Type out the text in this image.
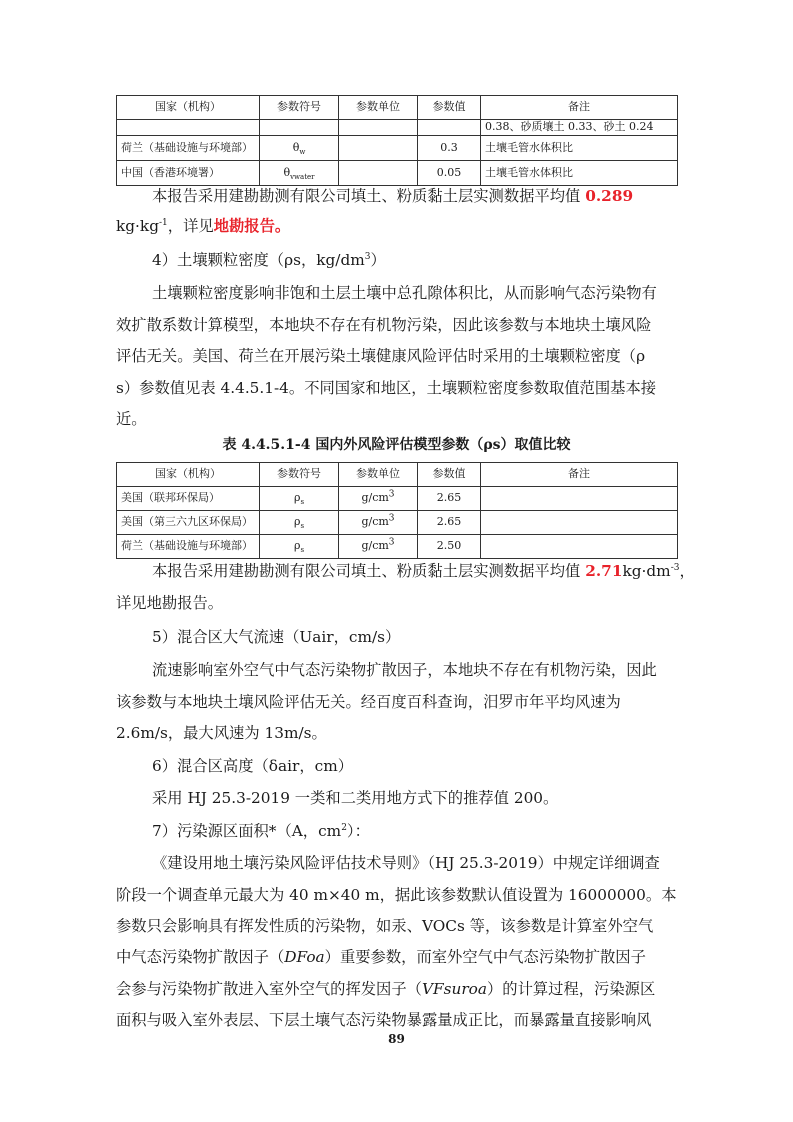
国家（机构）	参数符号	参数单位	参数值	备注
				0.38、砂质壤土 0.33、砂土 0.24
荷兰（基础设施与环境部）	$\theta_w$		0.3	土壤毛管水体积比
中国（香港环境署）	$\theta_{vwater}$		0.05	土壤毛管水体积比
本报告采用建勘勘测有限公司填土、粉质黏土层实测数据平均值 0.289
$kg\cdot kg^{-1}$，详见地勘报告。
4）土壤颗粒密度（ρs，$kg/dm^3$）
土壤颗粒密度影响非饱和土层土壤中总孔隙体积比，从而影响气态污染物有
效扩散系数计算模型，本地块不存在有机物污染，因此该参数与本地块土壤风险
评估无关。美国、荷兰在开展污染土壤健康风险评估时采用的土壤颗粒密度（ρ
s）参数值见表 4.4.5.1-4。不同国家和地区，土壤颗粒密度参数取值范围基本接
近。
表 4.4.5.1-4 国内外风险评估模型参数（ρs）取值比较
国家（机构）	参数符号	参数单位	参数值	备注
美国（联邦环保局）	$\rho_s$	$g/cm^3$	2.65	
美国（第三六九区环保局）	$\rho_s$	$g/cm^3$	2.65	
荷兰（基础设施与环境部）	$\rho_s$	$g/cm^3$	2.50	
本报告采用建勘勘测有限公司填土、粉质黏土层实测数据平均值 $2.71kg\cdot dm^{-3}$，
详见地勘报告。
5）混合区大气流速（Uair，cm/s）
流速影响室外空气中气态污染物扩散因子，本地块不存在有机物污染，因此
该参数与本地块土壤风险评估无关。经百度百科查询，汨罗市年平均风速为
2.6m/s，最大风速为 13m/s。
6）混合区高度（δair，cm）
采用 HJ 25.3-2019 一类和二类用地方式下的推荐值 200。
7）污染源区面积*（A，$cm^2$）：
《建设用地土壤污染风险评估技术导则》（HJ 25.3-2019）中规定详细调查
阶段一个调查单元最大为 40 m×40 m，据此该参数默认值设置为 16000000。本
参数只会影响具有挥发性质的污染物，如汞、VOCs 等，该参数是计算室外空气
中气态污染物扩散因子（DFoa）重要参数，而室外空气中气态污染物扩散因子
会参与污染物扩散进入室外空气的挥发因子（VFsuroa）的计算过程，污染源区
面积与吸入室外表层、下层土壤气态污染物暴露量成正比，而暴露量直接影响风
89
